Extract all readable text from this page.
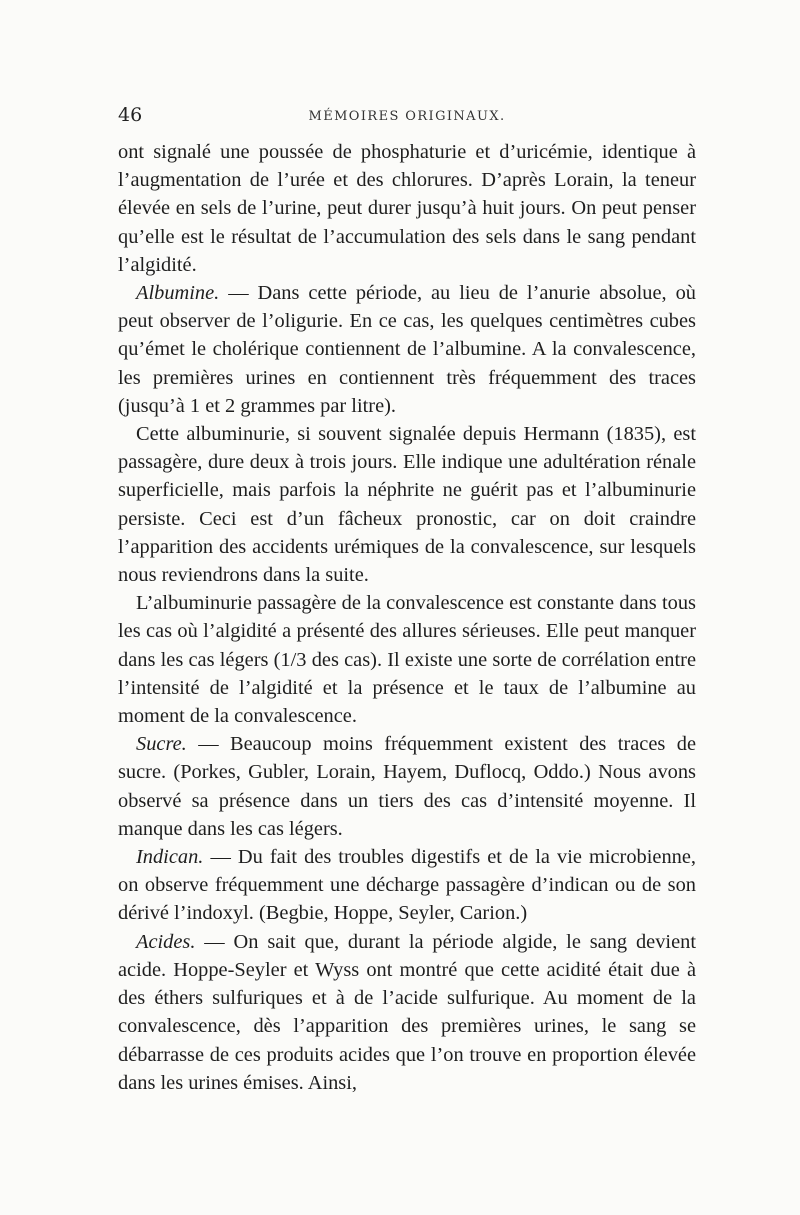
46	MÉMOIRES ORIGINAUX.

ont signalé une poussée de phosphaturie et d’uricémie, identique à l’augmentation de l’urée et des chlorures. D’après Lorain, la teneur élevée en sels de l’urine, peut durer jusqu’à huit jours. On peut penser qu’elle est le résultat de l’accumulation des sels dans le sang pendant l’algidité.

Albumine. — Dans cette période, au lieu de l’anurie absolue, où peut observer de l’oligurie. En ce cas, les quelques centimètres cubes qu’émet le cholérique contiennent de l’albumine. A la convalescence, les premières urines en contiennent très fréquemment des traces (jusqu’à 1 et 2 grammes par litre).

Cette albuminurie, si souvent signalée depuis Hermann (1835), est passagère, dure deux à trois jours. Elle indique une adultération rénale superficielle, mais parfois la néphrite ne guérit pas et l’albuminurie persiste. Ceci est d’un fâcheux pronostic, car on doit craindre l’apparition des accidents urémiques de la convalescence, sur lesquels nous reviendrons dans la suite.

L’albuminurie passagère de la convalescence est constante dans tous les cas où l’algidité a présenté des allures sérieuses. Elle peut manquer dans les cas légers (1/3 des cas). Il existe une sorte de corrélation entre l’intensité de l’algidité et la présence et le taux de l’albumine au moment de la convalescence.

Sucre. — Beaucoup moins fréquemment existent des traces de sucre. (Porkes, Gubler, Lorain, Hayem, Duflocq, Oddo.) Nous avons observé sa présence dans un tiers des cas d’intensité moyenne. Il manque dans les cas légers.

Indican. — Du fait des troubles digestifs et de la vie microbienne, on observe fréquemment une décharge passagère d’indican ou de son dérivé l’indoxyl. (Begbie, Hoppe, Seyler, Carion.)

Acides. — On sait que, durant la période algide, le sang devient acide. Hoppe-Seyler et Wyss ont montré que cette acidité était due à des éthers sulfuriques et à de l’acide sulfurique. Au moment de la convalescence, dès l’apparition des premières urines, le sang se débarrasse de ces produits acides que l’on trouve en proportion élevée dans les urines émises. Ainsi,
